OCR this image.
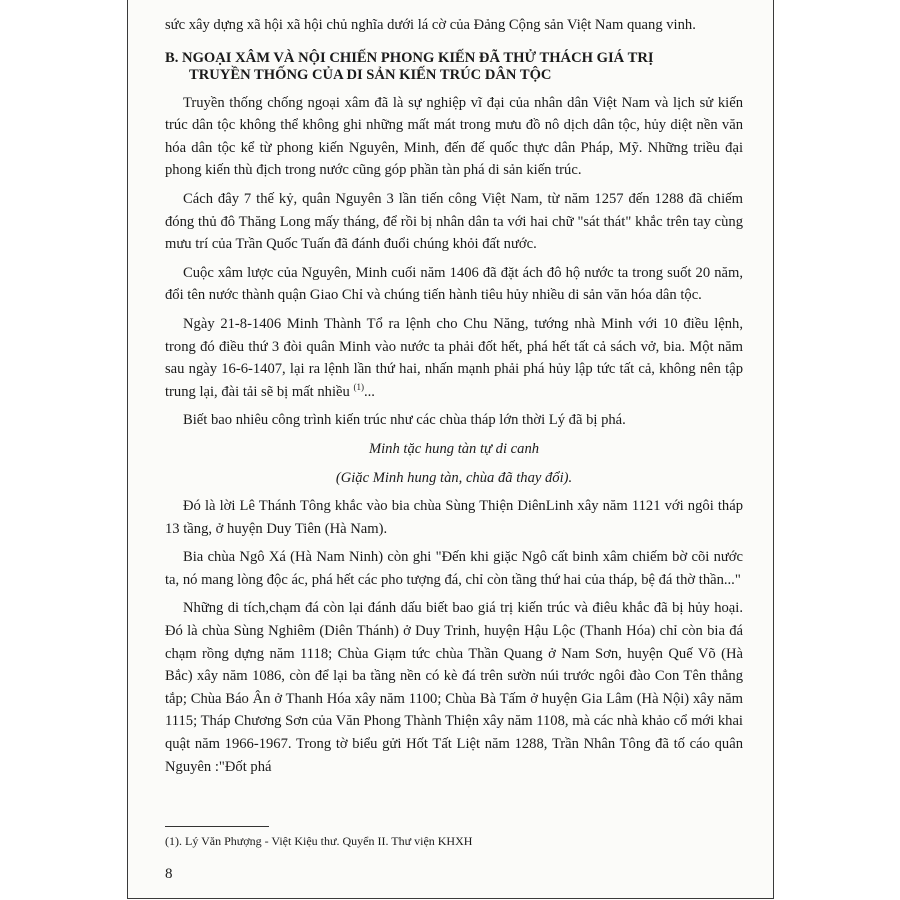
sức xây dựng xã hội xã hội chủ nghĩa dưới lá cờ của Đảng Cộng sản Việt Nam quang vinh.

B. NGOẠI XÂM VÀ NỘI CHIẾN PHONG KIẾN ĐÃ THỬ THÁCH GIÁ TRỊ
TRUYỀN THỐNG CỦA DI SẢN KIẾN TRÚC DÂN TỘC

Truyền thống chống ngoại xâm đã là sự nghiệp vĩ đại của nhân dân Việt Nam và lịch sử kiến trúc dân tộc không thể không ghi những mất mát trong mưu đồ nô dịch dân tộc, hủy diệt nền văn hóa dân tộc kể từ phong kiến Nguyên, Minh, đến đế quốc thực dân Pháp, Mỹ. Những triều đại phong kiến thù địch trong nước cũng góp phần tàn phá di sản kiến trúc.

Cách đây 7 thế kỷ, quân Nguyên 3 lần tiến công Việt Nam, từ năm 1257 đến 1288 đã chiếm đóng thủ đô Thăng Long mấy tháng, để rồi bị nhân dân ta với hai chữ "sát thát" khắc trên tay cùng mưu trí của Trần Quốc Tuấn đã đánh đuổi chúng khỏi đất nước.

Cuộc xâm lược của Nguyên, Minh cuối năm 1406 đã đặt ách đô hộ nước ta trong suốt 20 năm, đổi tên nước thành quận Giao Chỉ và chúng tiến hành tiêu hủy nhiều di sản văn hóa dân tộc.

Ngày 21-8-1406 Minh Thành Tổ ra lệnh cho Chu Năng, tướng nhà Minh với 10 điều lệnh, trong đó điều thứ 3 đòi quân Minh vào nước ta phải đốt hết, phá hết tất cả sách vở, bia. Một năm sau ngày 16-6-1407, lại ra lệnh lần thứ hai, nhấn mạnh phải phá hủy lập tức tất cả, không nên tập trung lại, đài tải sẽ bị mất nhiều $^{(1)}$...

Biết bao nhiêu công trình kiến trúc như các chùa tháp lớn thời Lý đã bị phá.

Minh tặc hung tàn tự di canh

(Giặc Minh hung tàn, chùa đã thay đổi).

Đó là lời Lê Thánh Tông khắc vào bia chùa Sùng Thiện DiênLinh xây năm 1121 với ngôi tháp 13 tầng, ở huyện Duy Tiên (Hà Nam).

Bia chùa Ngô Xá (Hà Nam Ninh) còn ghi "Đến khi giặc Ngô cất binh xâm chiếm bờ cõi nước ta, nó mang lòng độc ác, phá hết các pho tượng đá, chỉ còn tầng thứ hai của tháp, bệ đá thờ thần..."

Những di tích,chạm đá còn lại đánh dấu biết bao giá trị kiến trúc và điêu khắc đã bị hủy hoại. Đó là chùa Sùng Nghiêm (Diên Thánh) ở Duy Trinh, huyện Hậu Lộc (Thanh Hóa) chỉ còn bia đá chạm rồng dựng năm 1118; Chùa Giạm tức chùa Thần Quang ở Nam Sơn, huyện Quế Võ (Hà Bắc) xây năm 1086, còn để lại ba tầng nền có kè đá trên sườn núi trước ngôi đào Con Tên thẳng tắp; Chùa Báo Ân ở Thanh Hóa xây năm 1100; Chùa Bà Tấm ở huyện Gia Lâm (Hà Nội) xây năm 1115; Tháp Chương Sơn của Văn Phong Thành Thiện xây năm 1108, mà các nhà khảo cổ mới khai quật năm 1966-1967. Trong tờ biểu gửi Hốt Tất Liệt năm 1288, Trần Nhân Tông đã tố cáo quân Nguyên :"Đốt phá

(1). Lý Văn Phượng - Việt Kiệu thư. Quyển II. Thư viện KHXH
8
